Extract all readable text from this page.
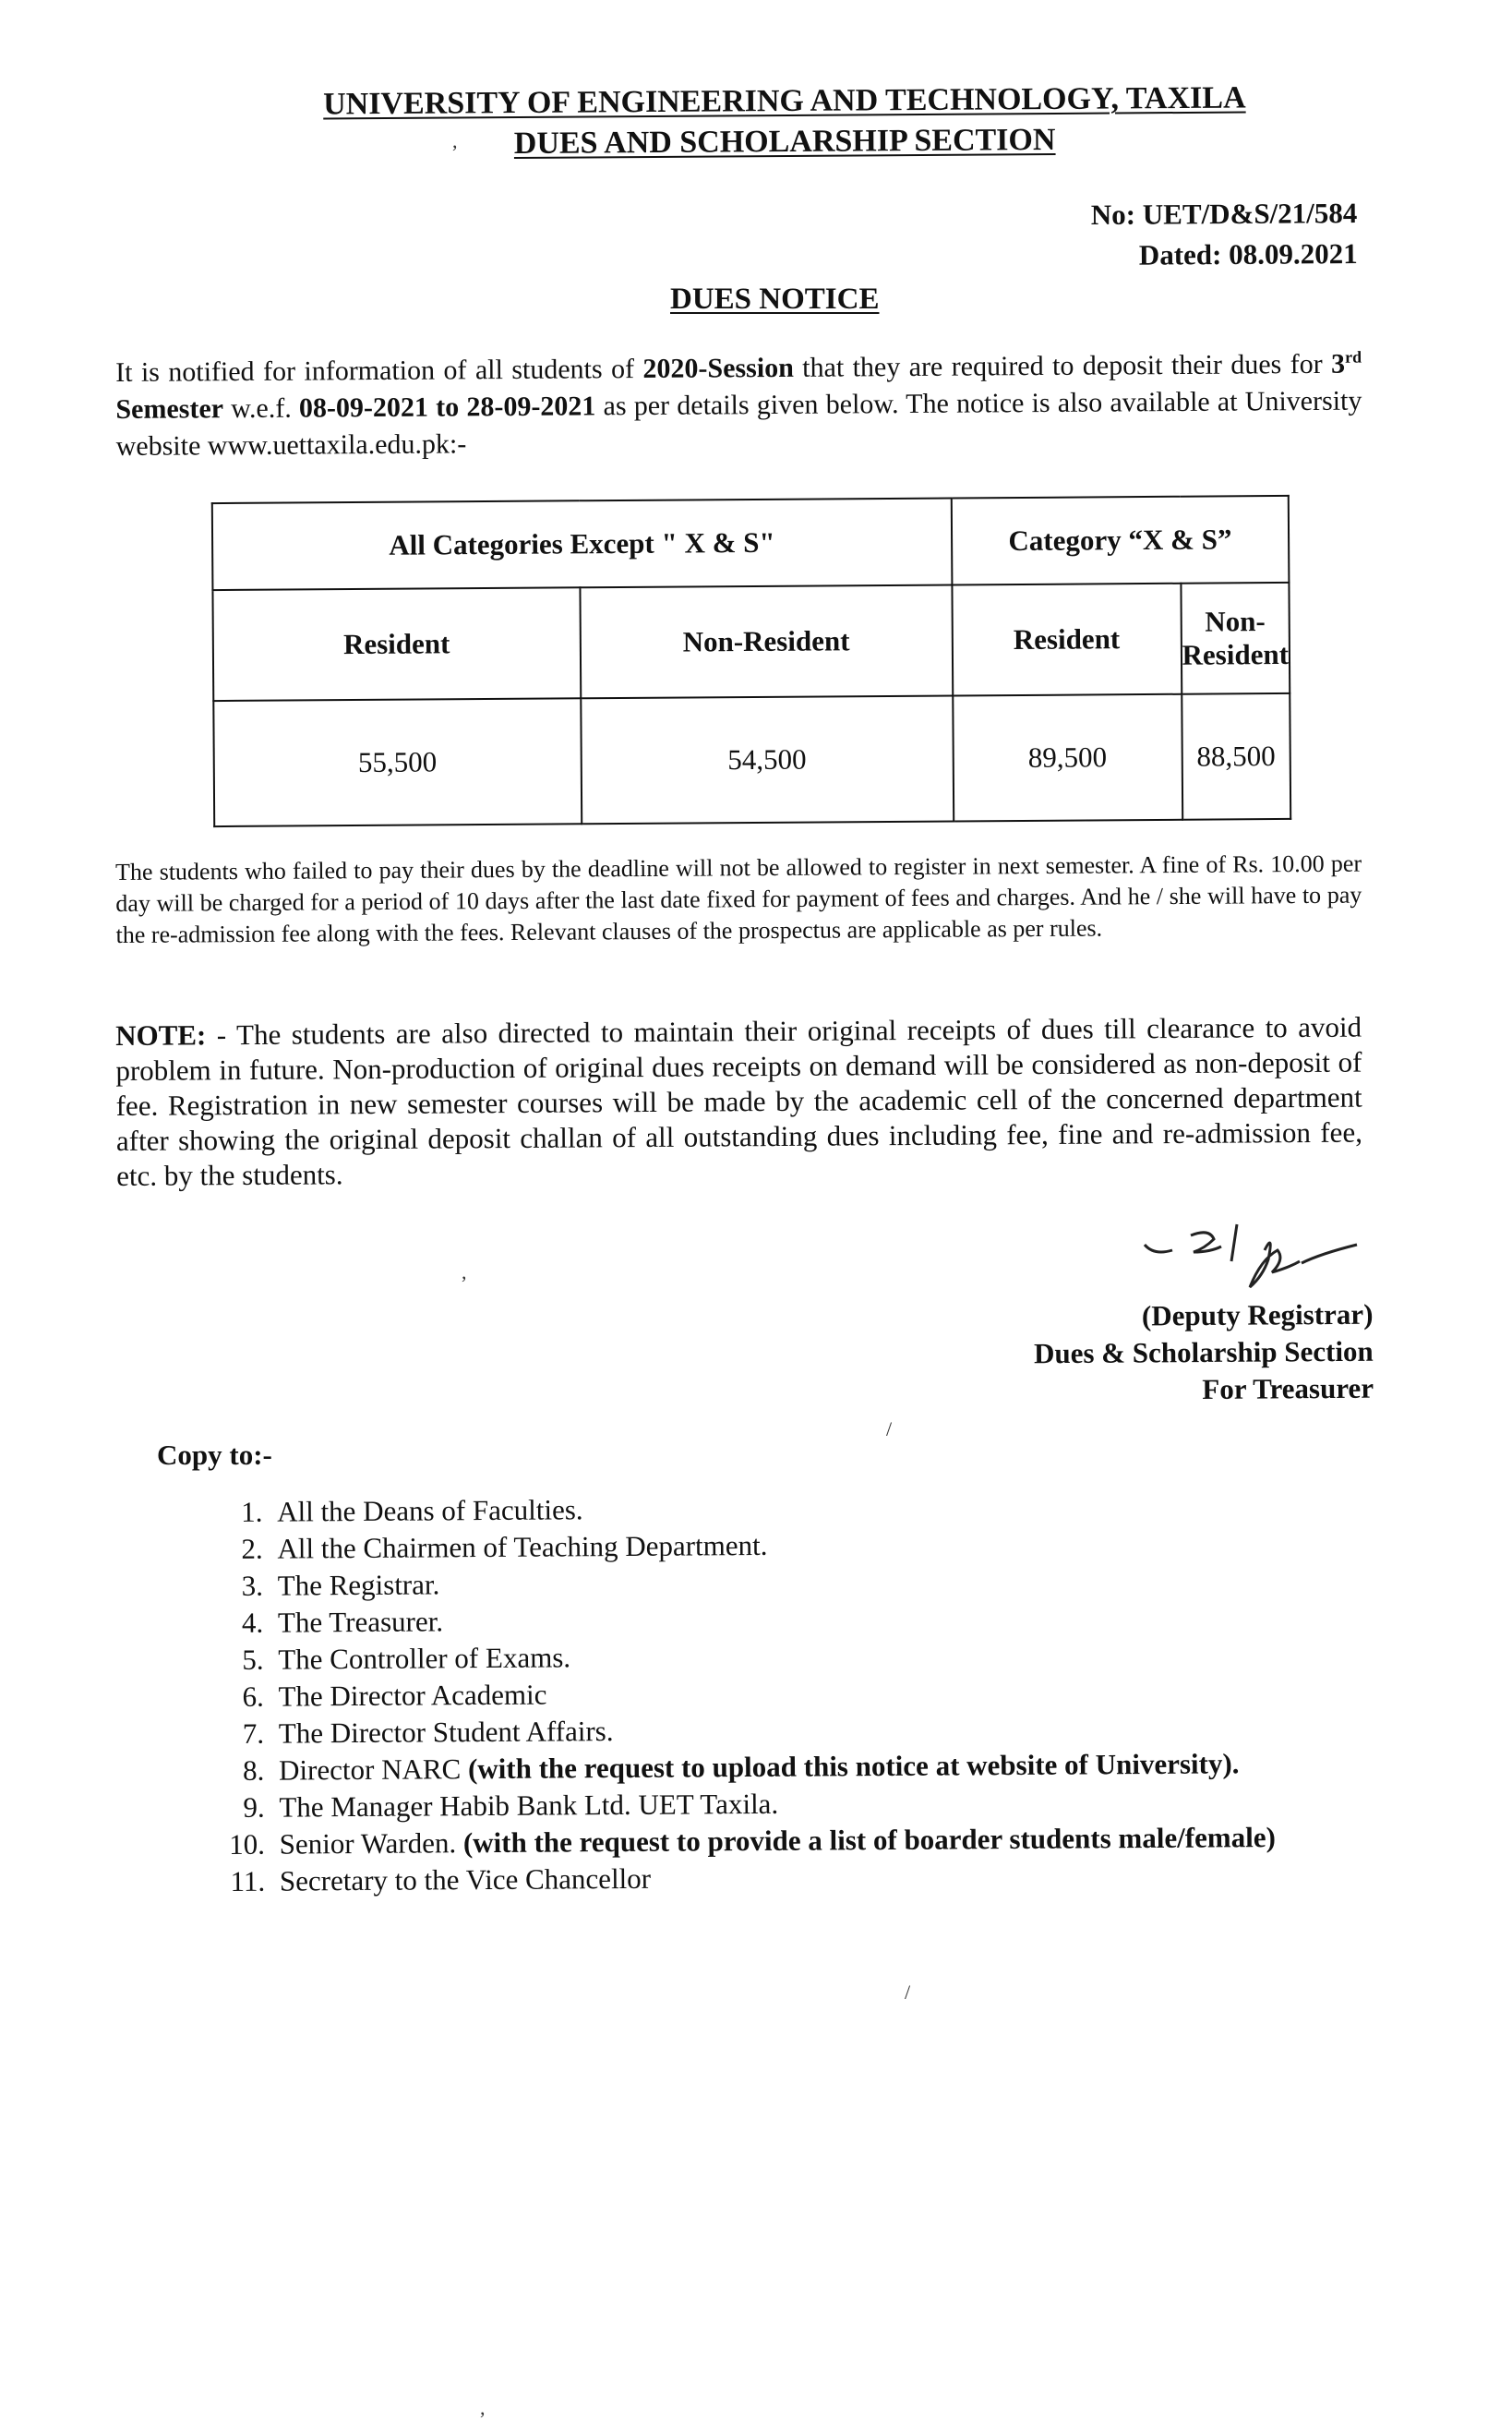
UNIVERSITY OF ENGINEERING AND TECHNOLOGY, TAXILA
DUES AND SCHOLARSHIP SECTION
No: UET/D&S/21/584
Dated: 08.09.2021
DUES NOTICE
It is notified for information of all students of 2020-Session that they are required to deposit their dues for 3rd Semester w.e.f. 08-09-2021 to 28-09-2021 as per details given below. The notice is also available at University website www.uettaxila.edu.pk:-
All Categories Except " X & S"		Category “X & S”	
Resident	Non-Resident	Resident	Non-Resident
55,500	54,500	89,500	88,500
The students who failed to pay their dues by the deadline will not be allowed to register in next semester. A fine of Rs. 10.00 per day will be charged for a period of 10 days after the last date fixed for payment of fees and charges. And he / she will have to pay the re-admission fee along with the fees. Relevant clauses of the prospectus are applicable as per rules.
NOTE: - The students are also directed to maintain their original receipts of dues till clearance to avoid problem in future. Non-production of original dues receipts on demand will be considered as non-deposit of fee. Registration in new semester courses will be made by the academic cell of the concerned department after showing the original deposit challan of all outstanding dues including fee, fine and re-admission fee, etc. by the students.
(Deputy Registrar)
Dues & Scholarship Section
For Treasurer
Copy to:-
1. All the Deans of Faculties.
2. All the Chairmen of Teaching Department.
3. The Registrar.
4. The Treasurer.
5. The Controller of Exams.
6. The Director Academic
7. The Director Student Affairs.
8. Director NARC (with the request to upload this notice at website of University).
9. The Manager Habib Bank Ltd. UET Taxila.
10. Senior Warden. (with the request to provide a list of boarder students male/female)
11. Secretary to the Vice Chancellor
,
,
/
/
,
